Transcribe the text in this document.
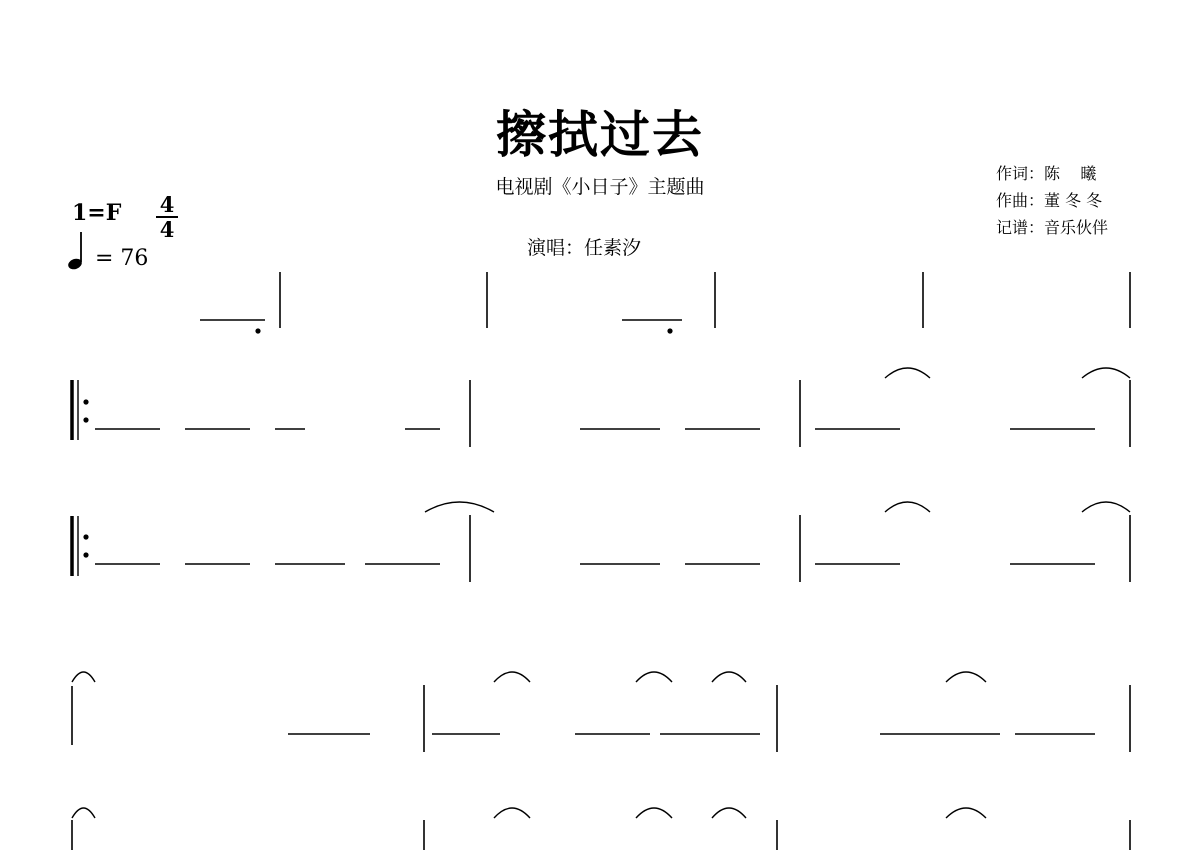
擦拭过去
电视剧《小日子》主题曲
演唱：任素汐
作词：陈    曦
作曲：董 冬 冬
记谱：音乐伙伴
1=F 4
4
= 76
